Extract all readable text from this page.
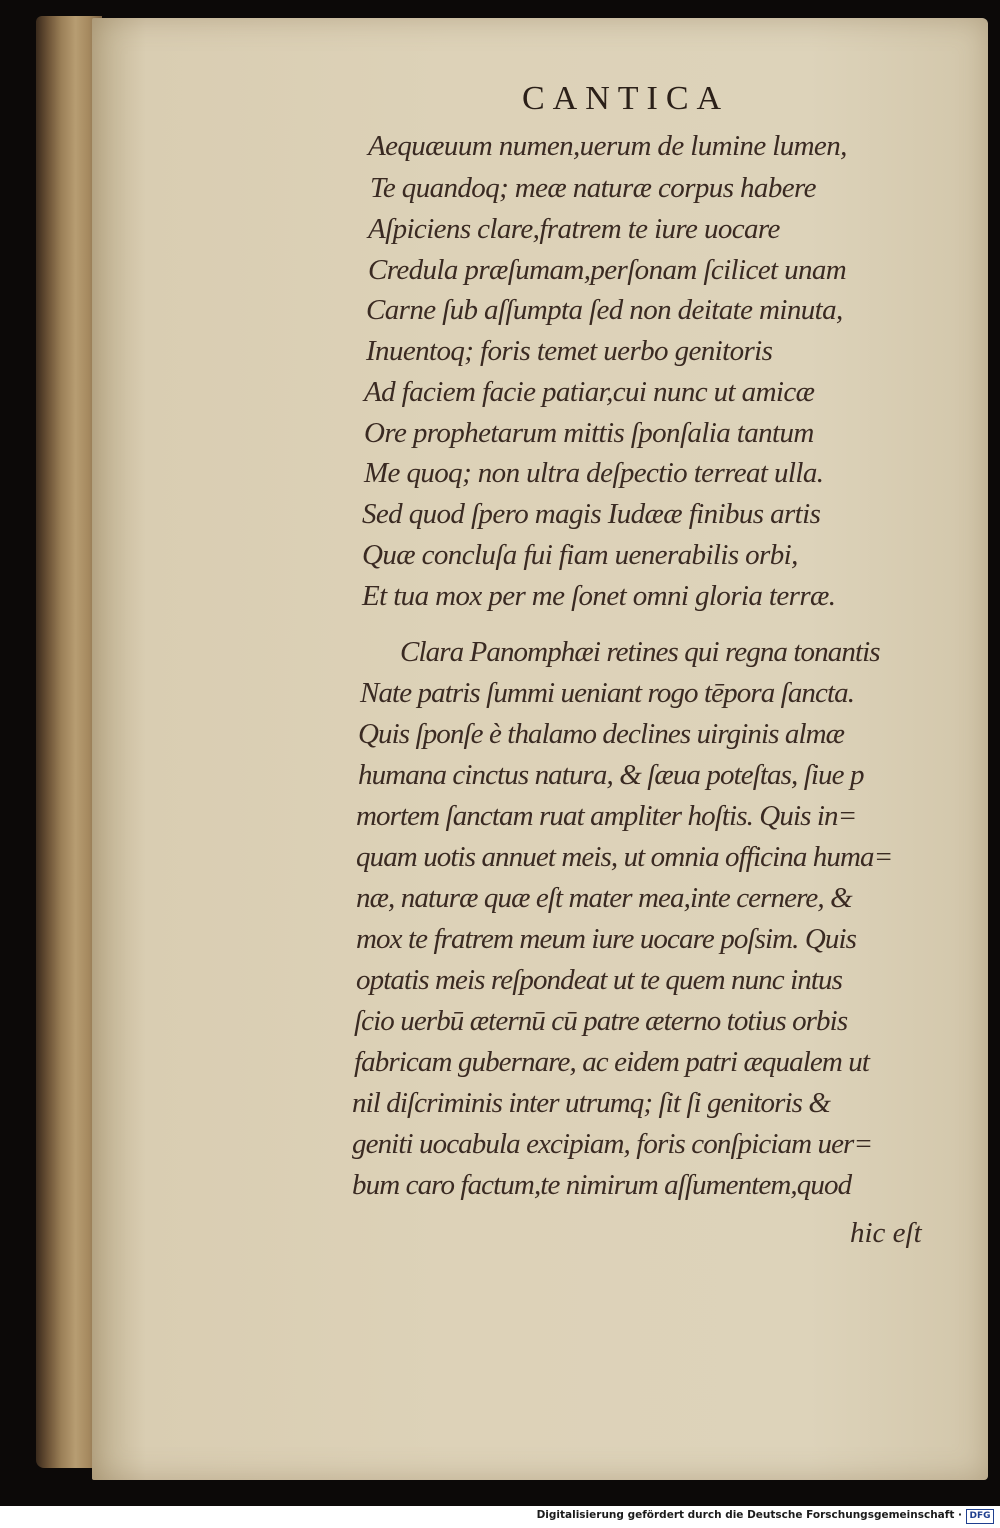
CANTICA

Aequæuum numen,uerum de lumine lumen,

Te quandoq; meæ naturæ corpus habere

Aſpiciens clare,fratrem te iure uocare

Credula præſumam,perſonam ſcilicet unam

Carne ſub aſſumpta ſed non deitate minuta,

Inuentoq; foris temet uerbo genitoris

Ad faciem facie patiar,cui nunc ut amicæ

Ore prophetarum mittis ſponſalia tantum

Me quoq; non ultra deſpectio terreat ulla.

Sed quod ſpero magis Iudææ finibus artis

Quæ concluſa fui fiam uenerabilis orbi,

Et tua mox per me ſonet omni gloria terræ.

Clara Panomphæi retines qui regna tonantis

Nate patris ſummi ueniant rogo tēpora ſancta.

Quis ſponſe è thalamo declines uirginis almæ

humana cinctus natura, & ſæua poteſtas, ſiue p

mortem ſanctam ruat ampliter hoſtis. Quis in=

quam uotis annuet meis, ut omnia officina huma=

næ, naturæ quæ eſt mater mea,inte cernere, &

mox te fratrem meum iure uocare poſsim. Quis

optatis meis reſpondeat ut te quem nunc intus

ſcio uerbū æternū cū patre æterno totius orbis

fabricam gubernare, ac eidem patri æqualem ut

nil diſcriminis inter utrumq; ſit ſi genitoris &

geniti uocabula excipiam, foris conſpiciam uer=

bum caro factum,te nimirum aſſumentem,quod

hic eſt

Digitalisierung gefördert durch die Deutsche Forschungsgemeinschaft · DFG
